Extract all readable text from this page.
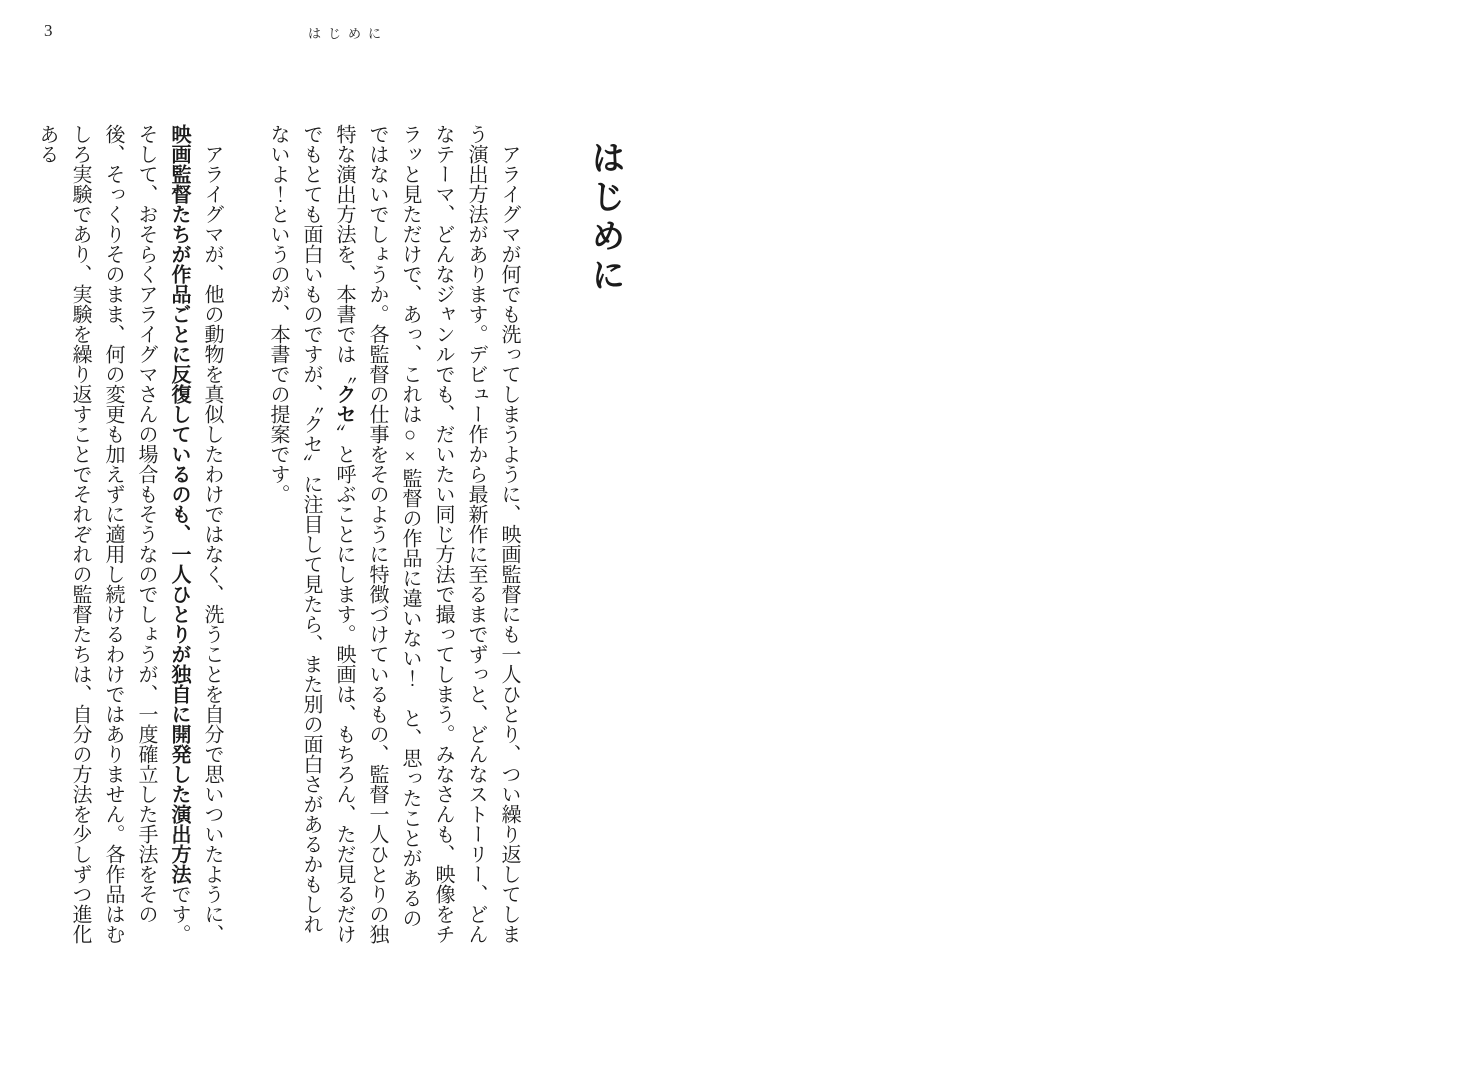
3	はじめに
はじめに

アライグマが何でも洗ってしまうように、映画監督にも一人ひとり、つい繰り返してしまう演出方法があります。デビュー作から最新作に至るまでずっと、どんなストーリー、どんなテーマ、どんなジャンルでも、だいたい同じ方法で撮ってしまう。みなさんも、映像をチラッと見ただけで、あっ、これは○×監督の作品に違いない！　と、思ったことがあるのではないでしょうか。各監督の仕事をそのように特徴づけているもの、監督一人ひとりの独特な演出方法を、本書では〝クセ〞と呼ぶことにします。映画は、もちろん、ただ見るだけでもとても面白いものですが、〝クセ〞に注目して見たら、また別の面白さがあるかもしれないよ！というのが、本書での提案です。

アライグマが、他の動物を真似したわけではなく、洗うことを自分で思いついたように、映画監督たちが作品ごとに反復しているのも、一人ひとりが独自に開発した演出方法です。そして、おそらくアライグマさんの場合もそうなのでしょうが、一度確立した手法をその後、そっくりそのまま、何の変更も加えずに適用し続けるわけではありません。各作品はむしろ実験であり、実験を繰り返すことでそれぞれの監督たちは、自分の方法を少しずつ進化ある
